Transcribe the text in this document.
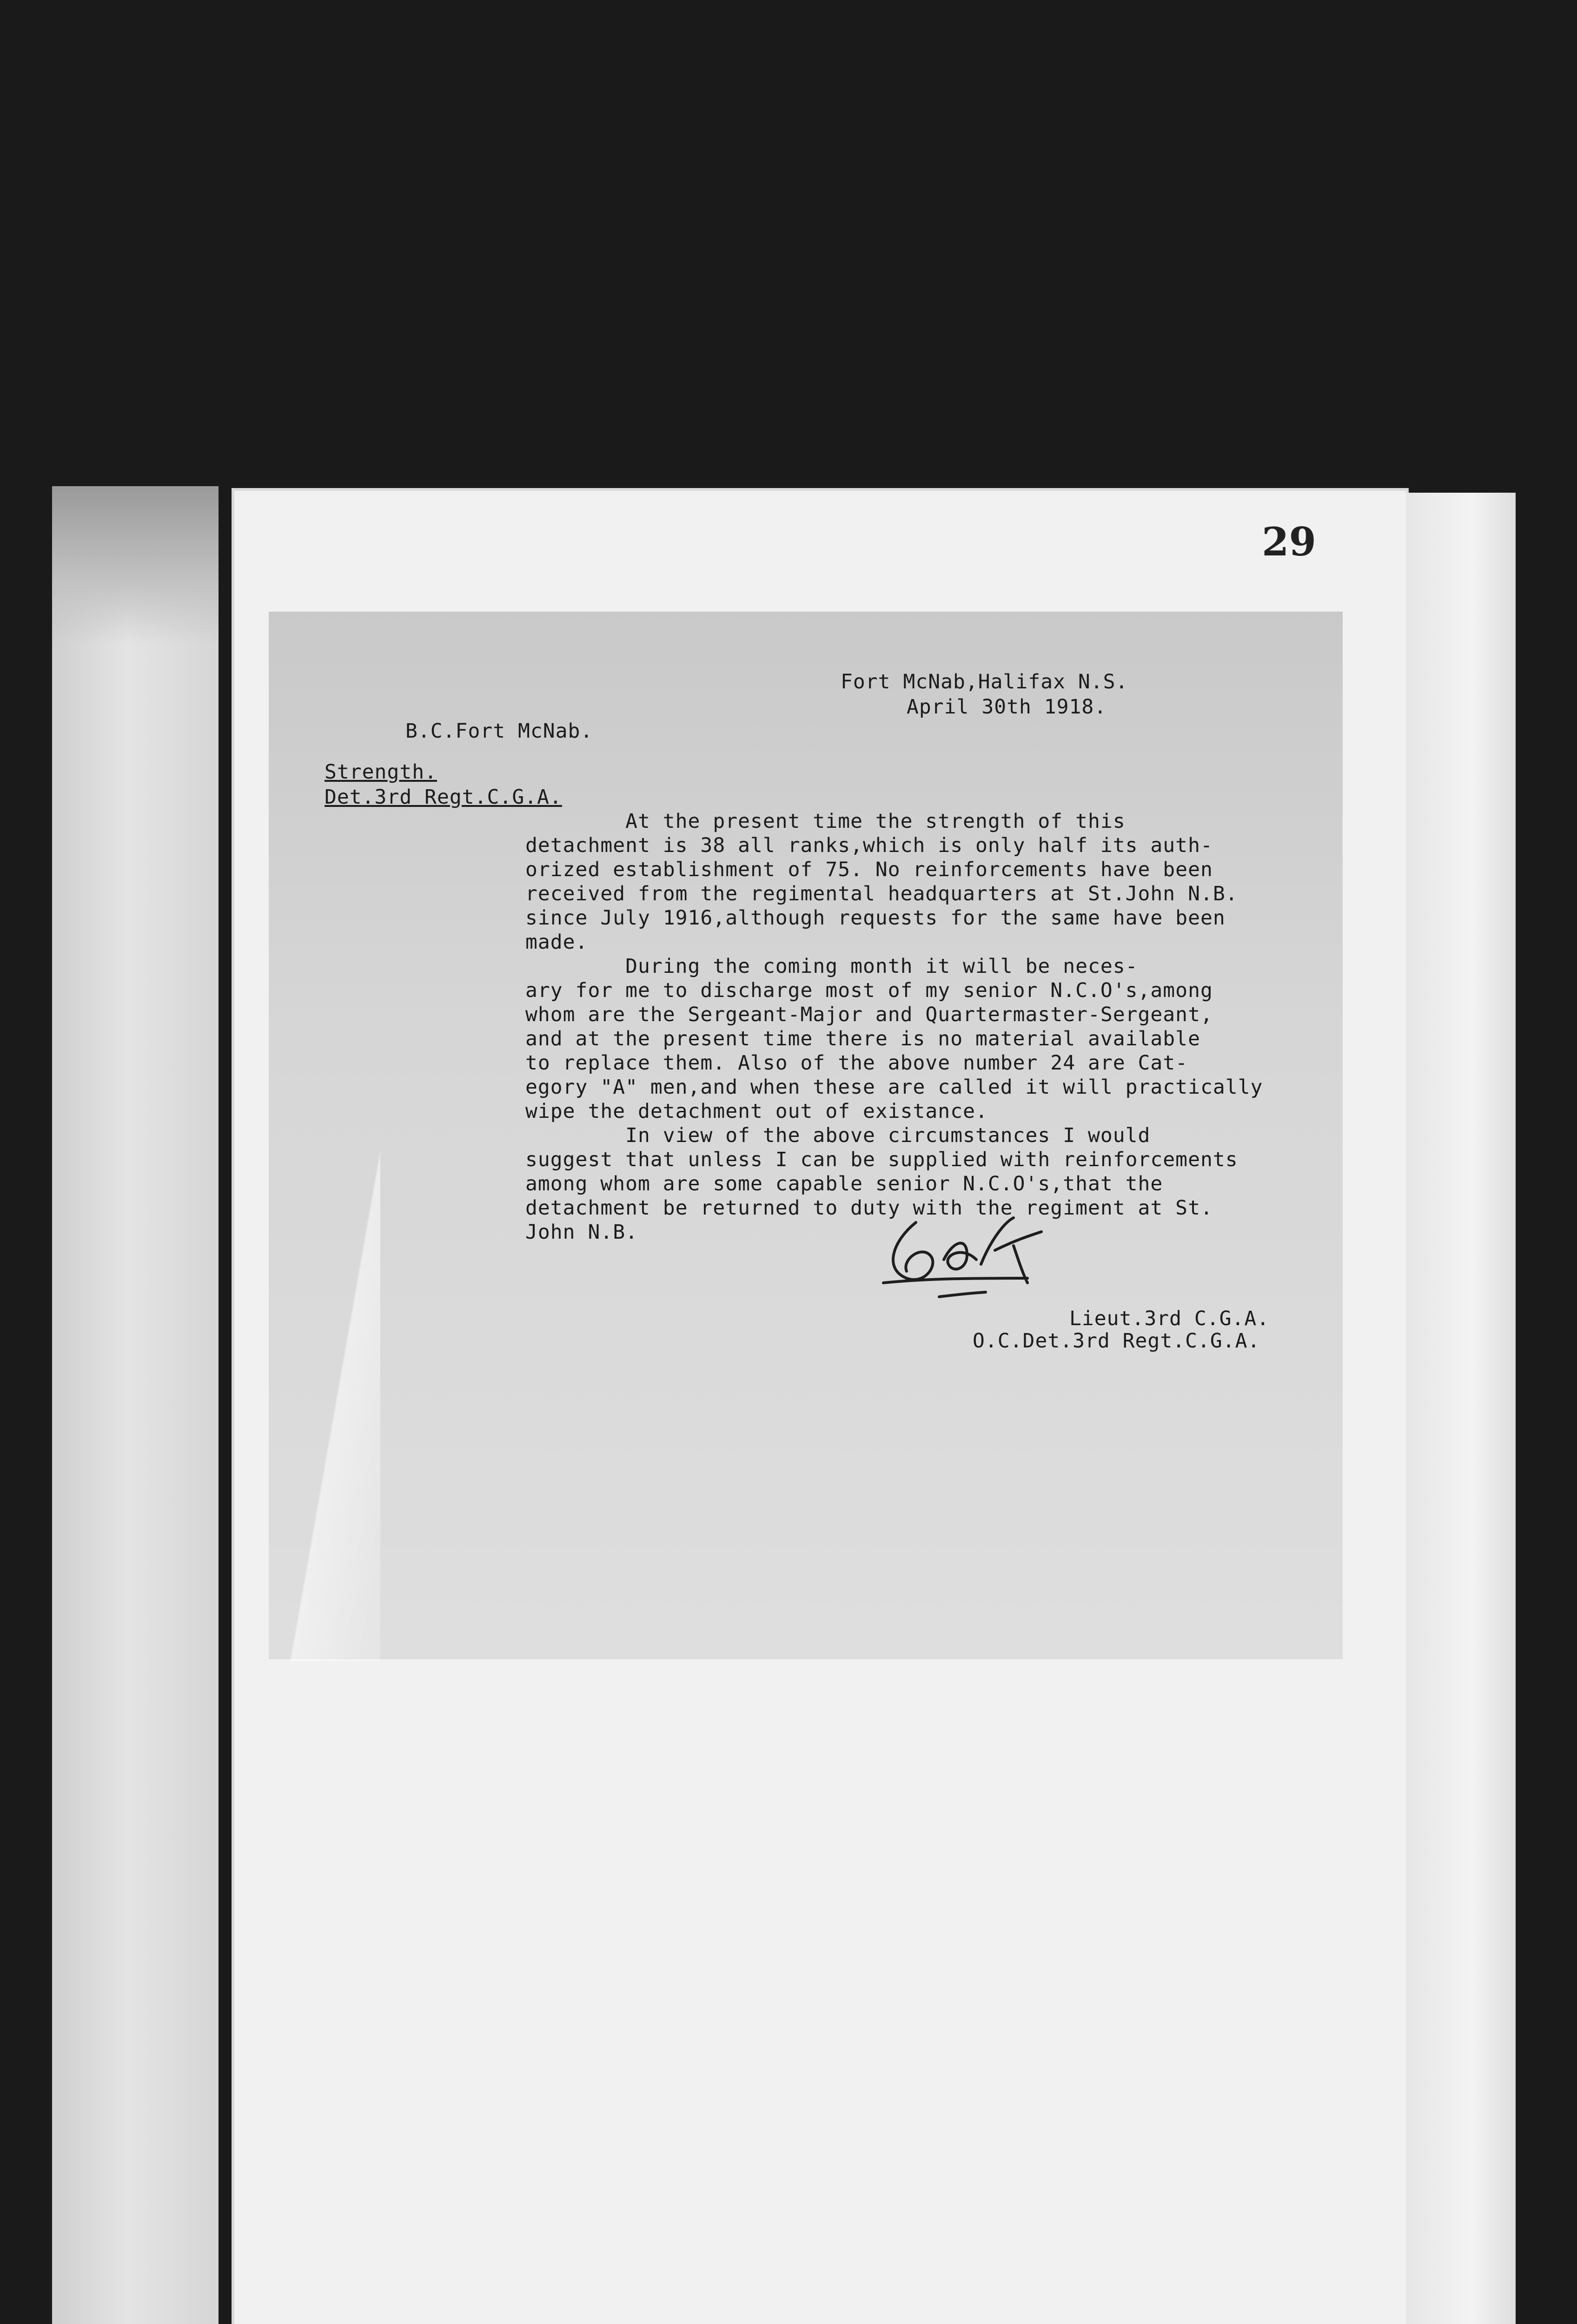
29
Fort McNab,Halifax N.S.
April 30th 1918.
B.C.Fort McNab.
Strength.
Det.3rd Regt.C.G.A.
At the present time the strength of this
detachment is 38 all ranks,which is only half its auth-
orized establishment of 75. No reinforcements have been
received from the regimental headquarters at St.John N.B.
since July 1916,although requests for the same have been
made.
During the coming month it will be neces-
ary for me to discharge most of my senior N.C.O's,among
whom are the Sergeant-Major and Quartermaster-Sergeant,
and at the present time there is no material available
to replace them. Also of the above number 24 are Cat-
egory "A" men,and when these are called it will practically
wipe the detachment out of existance.
In view of the above circumstances I would
suggest that unless I can be supplied with reinforcements
among whom are some capable senior N.C.O's,that the
detachment be returned to duty with the regiment at St.
John N.B.
Lieut.3rd C.G.A.
O.C.Det.3rd Regt.C.G.A.
